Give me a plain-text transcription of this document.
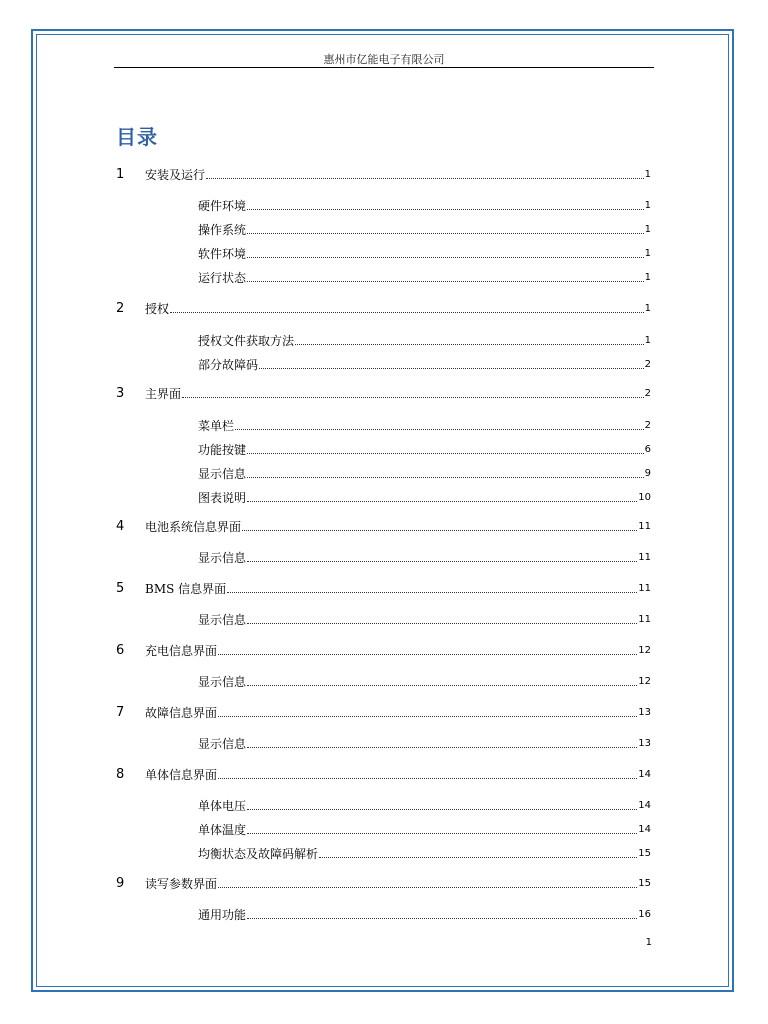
惠州市亿能电子有限公司
目录
1	安装及运行	1
硬件环境	1
操作系统	1
软件环境	1
运行状态	1
2	授权	1
授权文件获取方法	1
部分故障码	2
3	主界面	2
菜单栏	2
功能按键	6
显示信息	9
图表说明	10
4	电池系统信息界面	11
显示信息	11
5	BMS 信息界面	11
显示信息	11
6	充电信息界面	12
显示信息	12
7	故障信息界面	13
显示信息	13
8	单体信息界面	14
单体电压	14
单体温度	14
均衡状态及故障码解析	15
9	读写参数界面	15
通用功能	16
1
